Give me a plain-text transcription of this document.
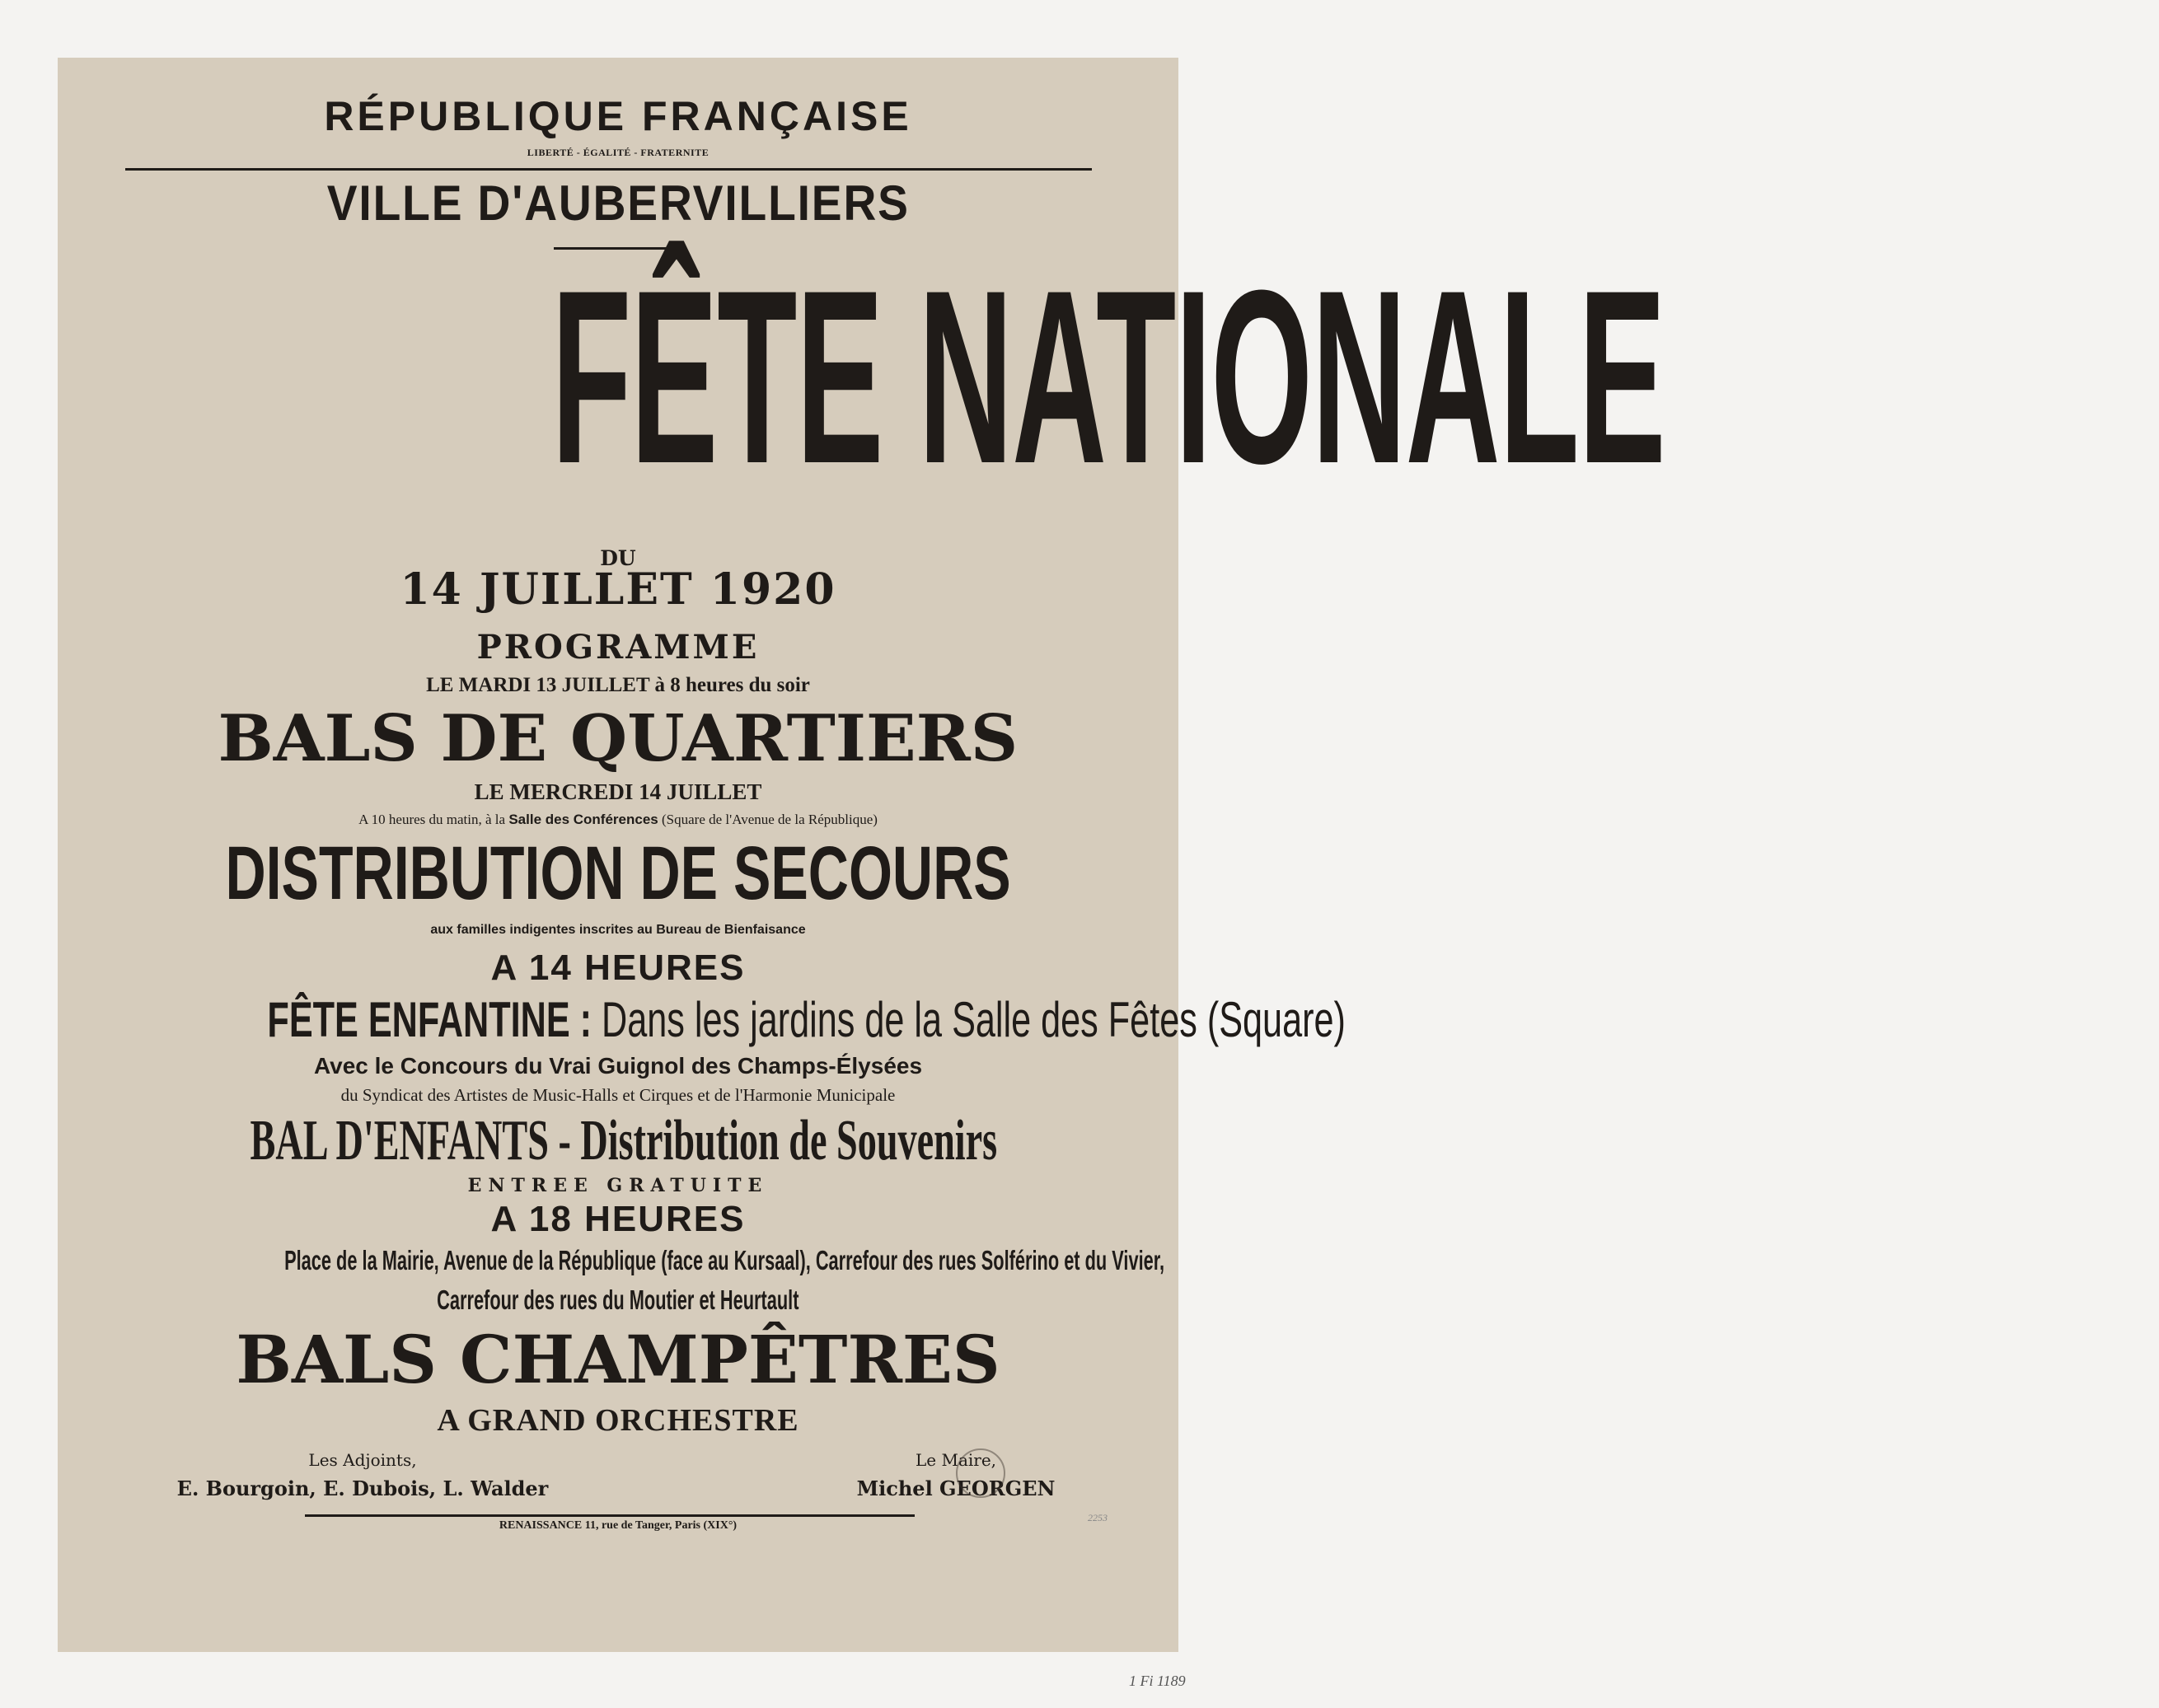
RÉPUBLIQUE FRANÇAISE
LIBERTÉ - ÉGALITÉ - FRATERNITE
VILLE D'AUBERVILLIERS
FÊTE NATIONALE
DU
14 JUILLET 1920
PROGRAMME
LE MARDI 13 JUILLET à 8 heures du soir
BALS DE QUARTIERS
LE MERCREDI 14 JUILLET
A 10 heures du matin, à la Salle des Conférences (Square de l'Avenue de la République)
DISTRIBUTION DE SECOURS
aux familles indigentes inscrites au Bureau de Bienfaisance
A 14 HEURES
FÊTE ENFANTINE : Dans les jardins de la Salle des Fêtes (Square)
Avec le Concours du Vrai Guignol des Champs-Élysées
du Syndicat des Artistes de Music-Halls et Cirques et de l'Harmonie Municipale
BAL D'ENFANTS - Distribution de Souvenirs
ENTREE GRATUITE
A 18 HEURES
Place de la Mairie, Avenue de la République (face au Kursaal), Carrefour des rues Solférino et du Vivier,
Carrefour des rues du Moutier et Heurtault
BALS CHAMPÊTRES
A GRAND ORCHESTRE
Les Adjoints,
E. Bourgoin, E. Dubois, L. Walder
Le Maire,
Michel GEORGEN
2253
RENAISSANCE 11, rue de Tanger, Paris (XIX°)
1 Fi 1189
